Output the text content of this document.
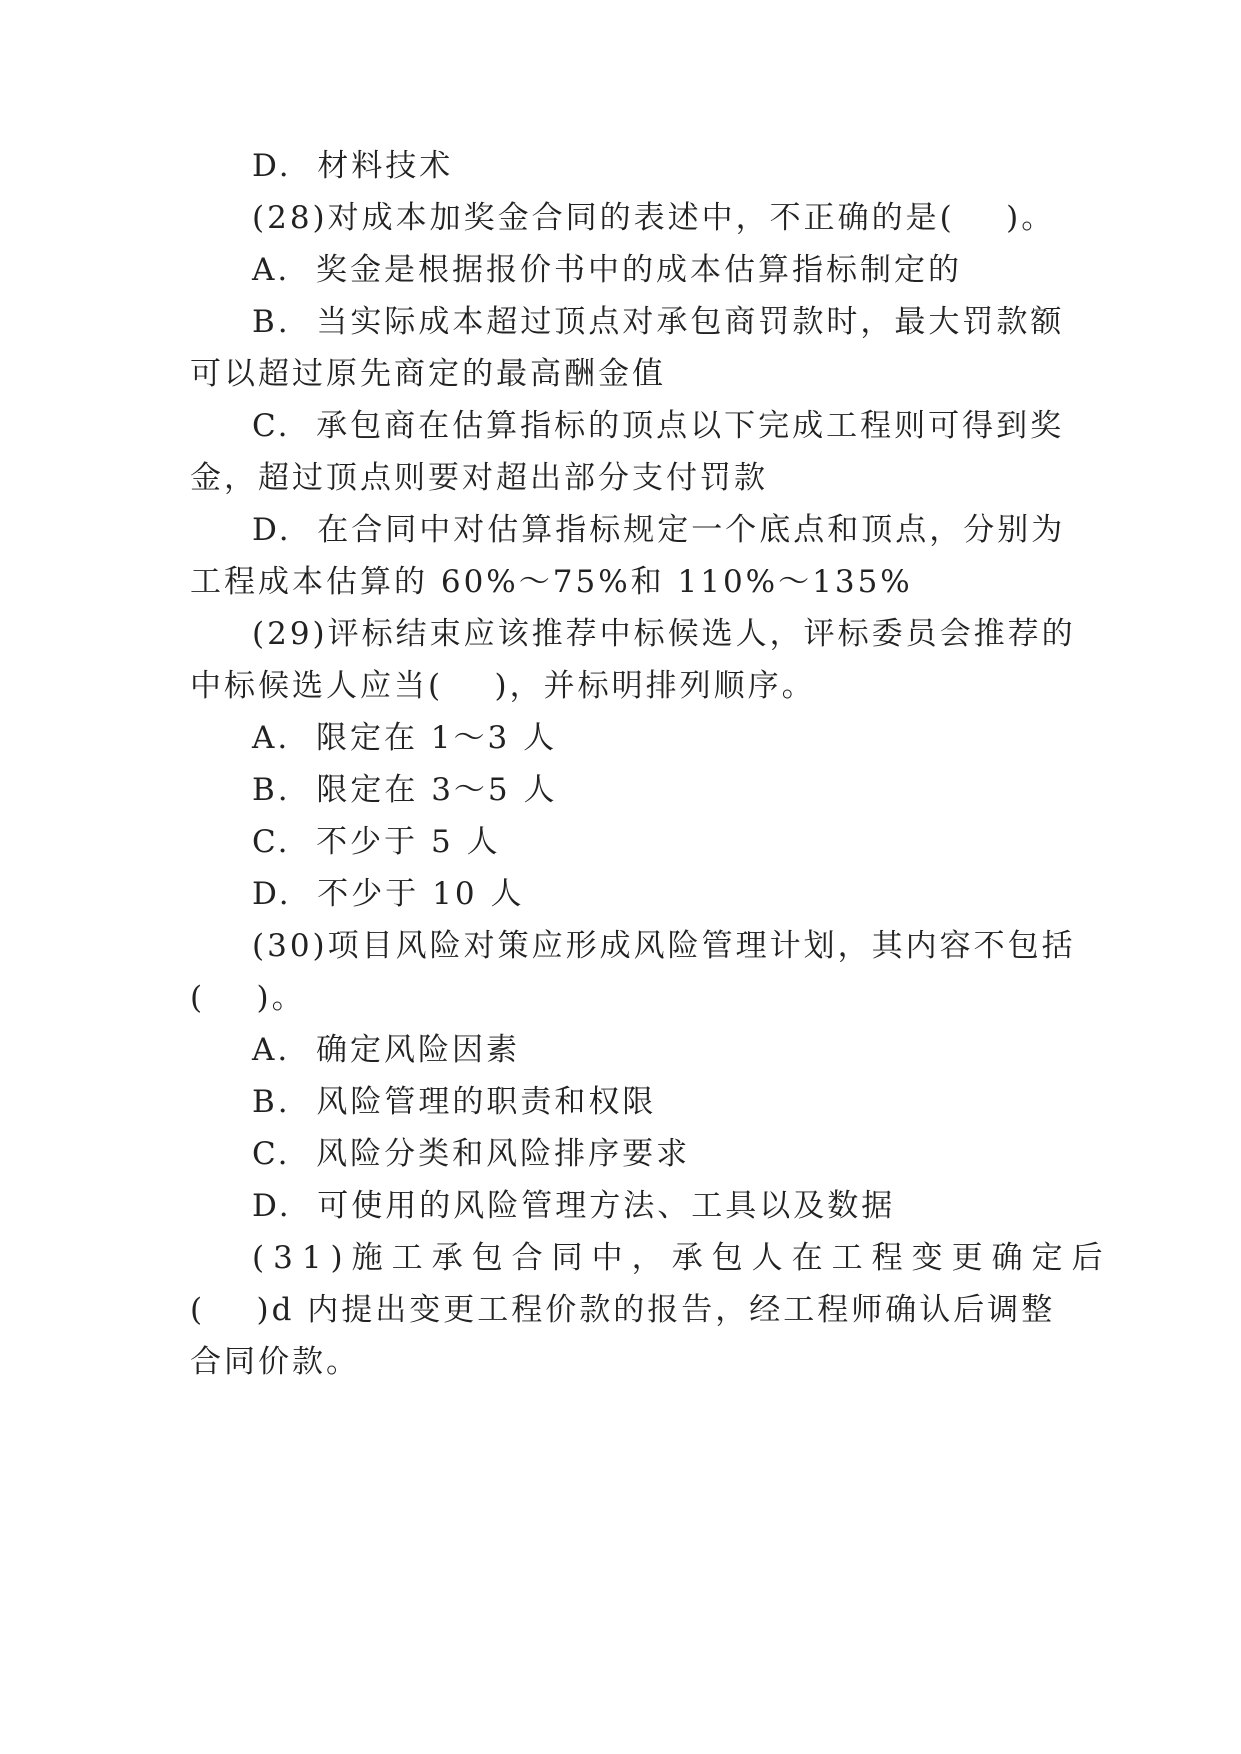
D.  材料技术
(28)对成本加奖金合同的表述中，不正确的是(    )。
A.  奖金是根据报价书中的成本估算指标制定的
B.  当实际成本超过顶点对承包商罚款时，最大罚款额
可以超过原先商定的最高酬金值
C.  承包商在估算指标的顶点以下完成工程则可得到奖
金，超过顶点则要对超出部分支付罚款
D.  在合同中对估算指标规定一个底点和顶点，分别为
工程成本估算的 60%～75%和 110%～135%
(29)评标结束应该推荐中标候选人，评标委员会推荐的
中标候选人应当(    )，并标明排列顺序。
A.  限定在 1～3 人
B.  限定在 3～5 人
C.  不少于 5 人
D.  不少于 10 人
(30)项目风险对策应形成风险管理计划，其内容不包括
(    )。
A.  确定风险因素
B.  风险管理的职责和权限
C.  风险分类和风险排序要求
D.  可使用的风险管理方法、工具以及数据
(31)施工承包合同中，承包人在工程变更确定后
(    )d 内提出变更工程价款的报告，经工程师确认后调整
合同价款。
